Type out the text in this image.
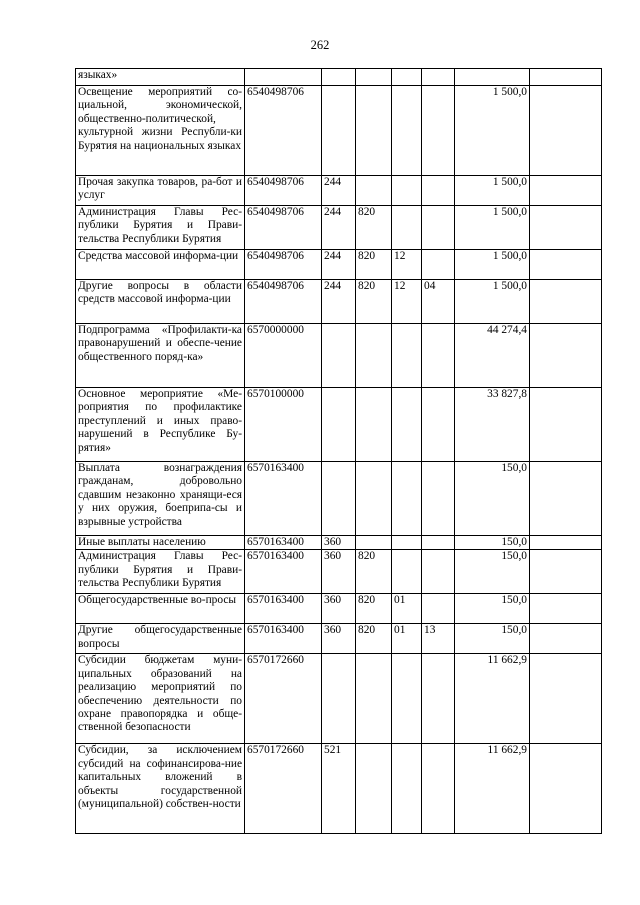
262
языках»							
Освещение мероприятий со-циальной, экономической, общественно-политической, культурной жизни Республи-ки Бурятия на национальных языках	6540498706					1 500,0	
Прочая закупка товаров, ра-бот и услуг	6540498706	244				1 500,0	
Администрация Главы Рес-публики Бурятия и Прави-тельства Республики Бурятия	6540498706	244	820			1 500,0	
Средства массовой информа-ции	6540498706	244	820	12		1 500,0	
Другие вопросы в области средств массовой информа-ции	6540498706	244	820	12	04	1 500,0	
Подпрограмма «Профилакти-ка правонарушений и обеспе-чение общественного поряд-ка»	6570000000					44 274,4	
Основное мероприятие «Ме-роприятия по профилактике преступлений и иных право-нарушений в Республике Бу-рятия»	6570100000					33 827,8	
Выплата вознаграждения гражданам, добровольно сдавшим незаконно хранящи-еся у них оружия, боеприпа-сы и взрывные устройства	6570163400					150,0	
Иные выплаты населению	6570163400	360				150,0	
Администрация Главы Рес-публики Бурятия и Прави-тельства Республики Бурятия	6570163400	360	820			150,0	
Общегосударственные во-просы	6570163400	360	820	01		150,0	
Другие общегосударственные вопросы	6570163400	360	820	01	13	150,0	
Субсидии бюджетам муни-ципальных образований на реализацию мероприятий по обеспечению деятельности по охране правопорядка и обще-ственной безопасности	6570172660					11 662,9	
Субсидии, за исключением субсидий на софинансирова-ние капитальных вложений в объекты государственной (муниципальной) собствен-ности	6570172660	521				11 662,9	
